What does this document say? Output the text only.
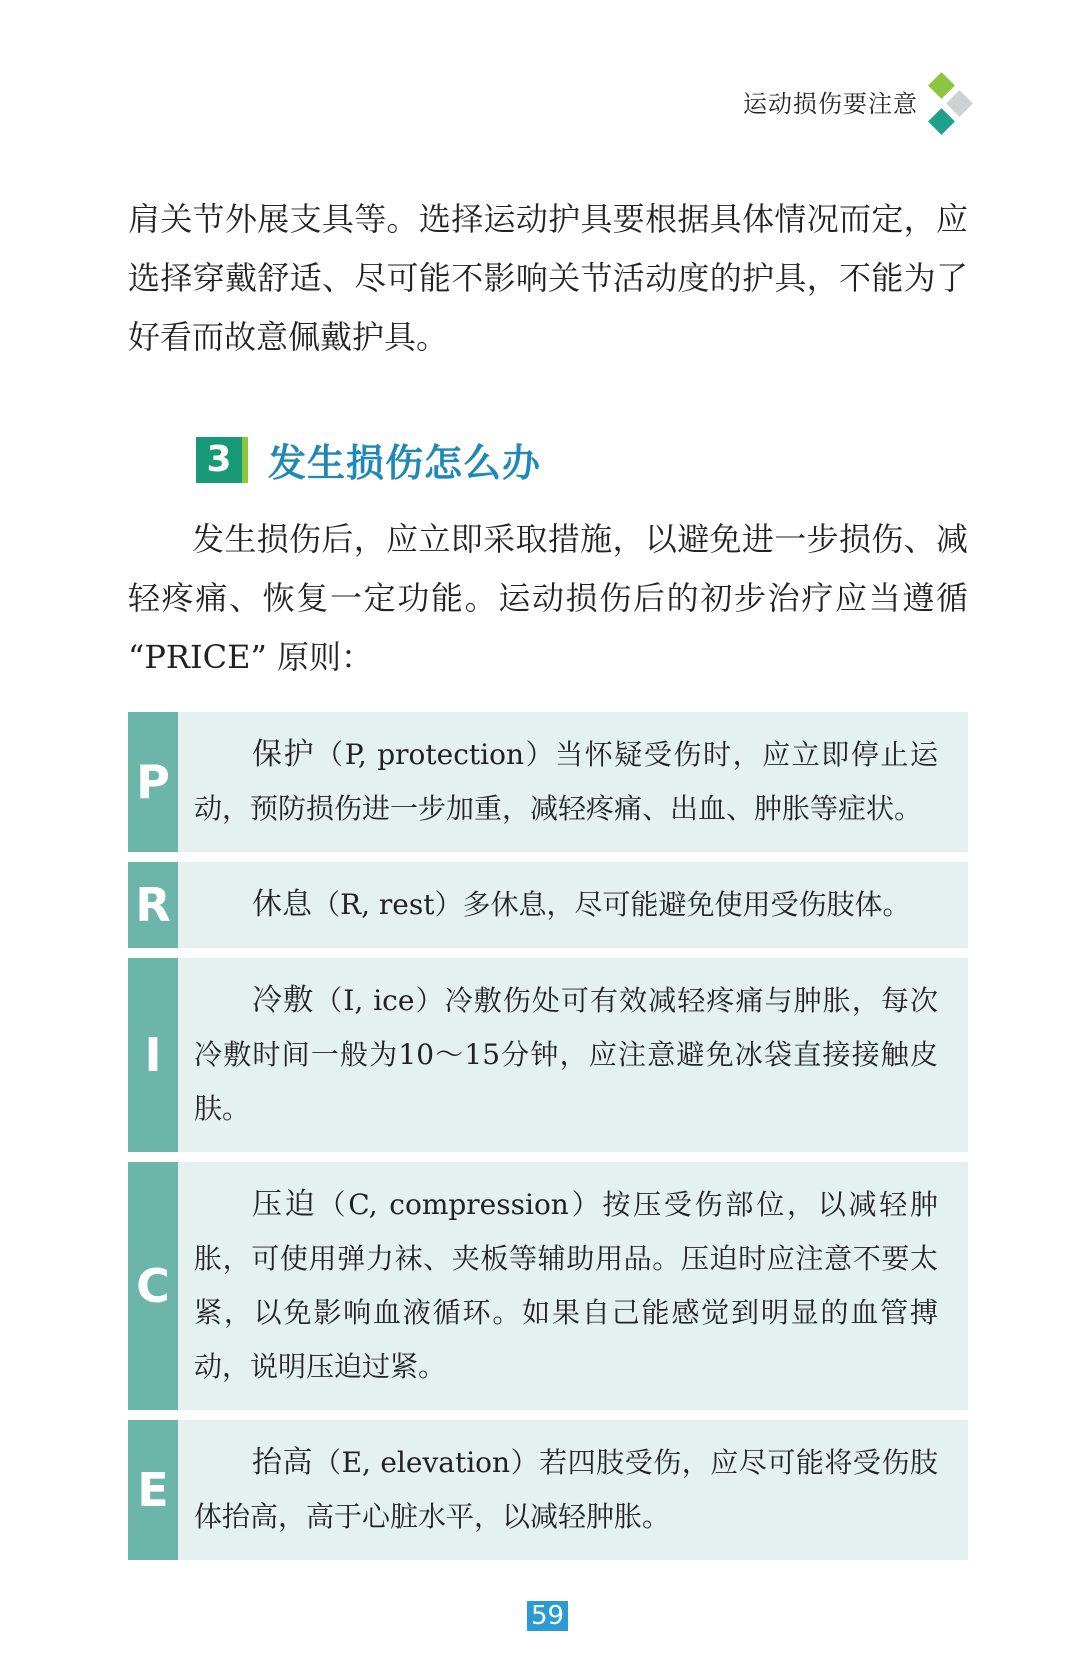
运动损伤要注意

肩关节外展支具等。选择运动护具要根据具体情况而定，应选择穿戴舒适、尽可能不影响关节活动度的护具，不能为了好看而故意佩戴护具。

3 发生损伤怎么办

发生损伤后，应立即采取措施，以避免进一步损伤、减轻疼痛、恢复一定功能。运动损伤后的初步治疗应当遵循 “PRICE” 原则：

P
保护（P, protection）当怀疑受伤时，应立即停止运动，预防损伤进一步加重，减轻疼痛、出血、肿胀等症状。
R	休息（R, rest）多休息，尽可能避免使用受伤肢体。
I
冷敷（I, ice）冷敷伤处可有效减轻疼痛与肿胀，每次冷敷时间一般为10～15分钟，应注意避免冰袋直接接触皮肤。
C
压迫（C, compression）按压受伤部位，以减轻肿胀，可使用弹力袜、夹板等辅助用品。压迫时应注意不要太紧，以免影响血液循环。如果自己能感觉到明显的血管搏动，说明压迫过紧。
E
抬高（E, elevation）若四肢受伤，应尽可能将受伤肢体抬高，高于心脏水平，以减轻肿胀。
59
